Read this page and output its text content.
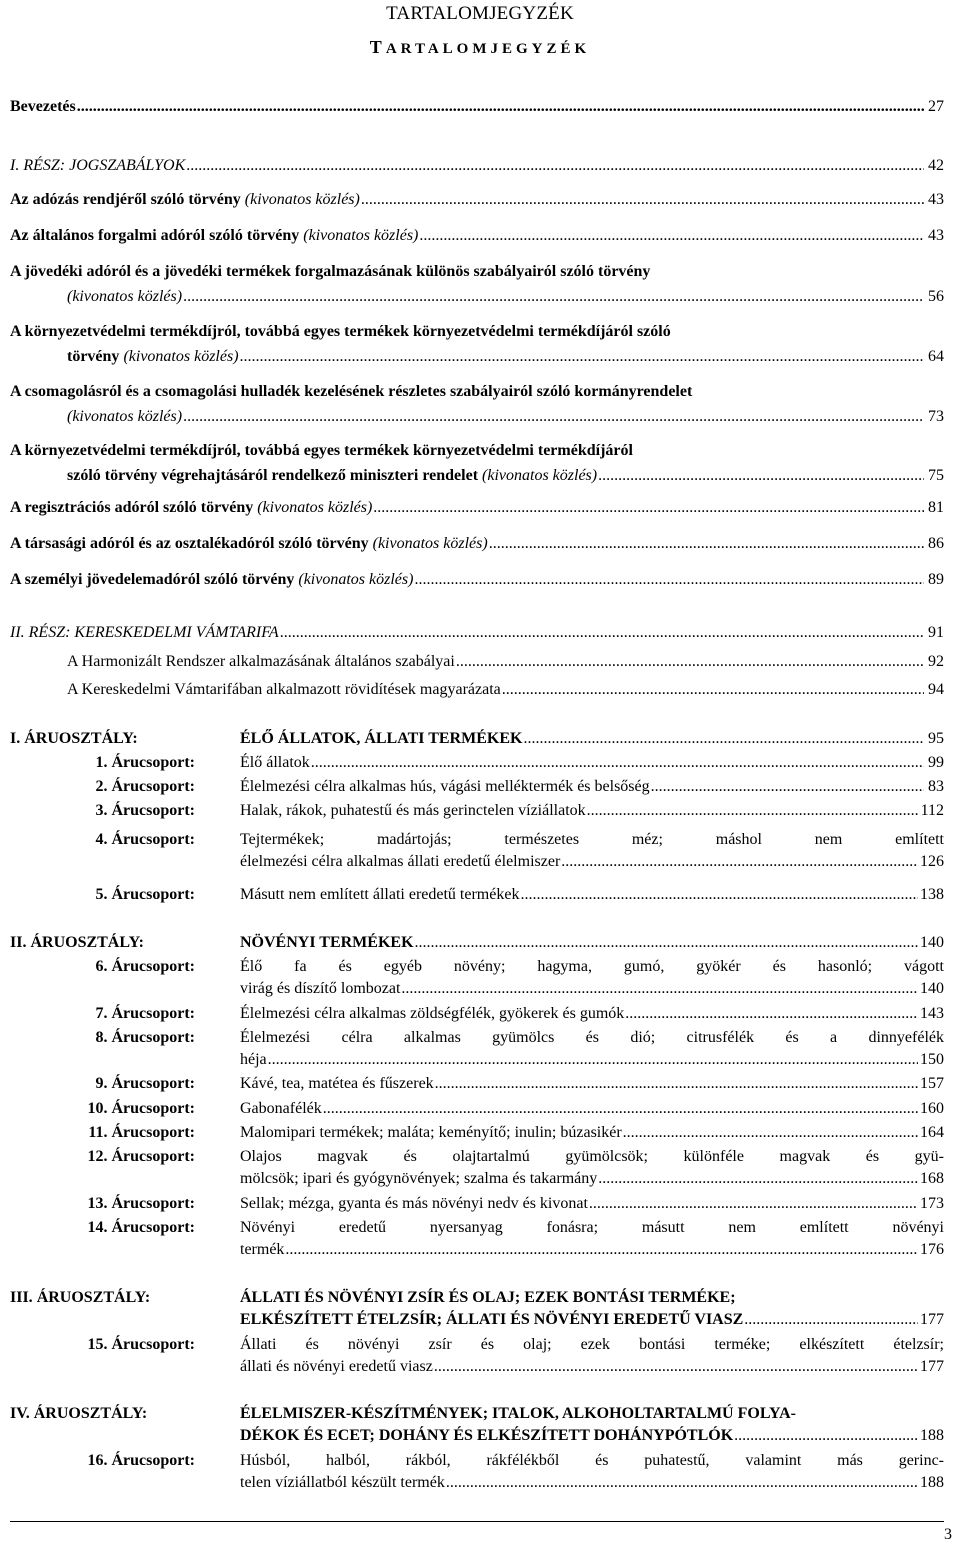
TARTALOMJEGYZÉK
TARTALOMJEGYZÉK
Bevezetés .....	27
I. RÉSZ: JOGSZABÁLYOK .....	42
Az adózás rendjéről szóló törvény (kivonatos közlés) .....	43
Az általános forgalmi adóról szóló törvény (kivonatos közlés) .....	43
A jövedéki adóról és a jövedéki termékek forgalmazásának különös szabályairól szóló törvény
(kivonatos közlés) .....	56
A környezetvédelmi termékdíjról, továbbá egyes termékek környezetvédelmi termékdíjáról szóló
törvény (kivonatos közlés) .....	64
A csomagolásról és a csomagolási hulladék kezelésének részletes szabályairól szóló kormányrendelet
(kivonatos közlés) .....	73
A környezetvédelmi termékdíjról, továbbá egyes termékek környezetvédelmi termékdíjáról
szóló törvény végrehajtásáról rendelkező miniszteri rendelet (kivonatos közlés) .....	75
A regisztrációs adóról szóló törvény (kivonatos közlés) .....	81
A társasági adóról és az osztalékadóról szóló törvény (kivonatos közlés) .....	86
A személyi jövedelemadóról szóló törvény (kivonatos közlés) .....	89
II. RÉSZ: KERESKEDELMI VÁMTARIFA .....	91
A Harmonizált Rendszer alkalmazásának általános szabályai .....	92
A Kereskedelmi Vámtarifában alkalmazott rövidítések magyarázata .....	94
I. ÁRUOSZTÁLY:	ÉLŐ ÁLLATOK, ÁLLATI TERMÉKEK .....	95
1. Árucsoport:	Élő állatok .....	99
2. Árucsoport:	Élelmezési célra alkalmas hús, vágási melléktermék és belsőség .....	83
3. Árucsoport:	Halak, rákok, puhatestű és más gerinctelen víziállatok .....	112
4. Árucsoport:	Tejtermékek; madártojás; természetes méz; máshol nem említett
élelmezési célra alkalmas állati eredetű élelmiszer .....	126
5. Árucsoport:	Másutt nem említett állati eredetű termékek .....	138
II. ÁRUOSZTÁLY:	NÖVÉNYI TERMÉKEK .....	140
6. Árucsoport:	Élő fa és egyéb növény; hagyma, gumó, gyökér és hasonló; vágott
virág és díszítő lombozat .....	140
7. Árucsoport:	Élelmezési célra alkalmas zöldségfélék, gyökerek és gumók .....	143
8. Árucsoport:	Élelmezési célra alkalmas gyümölcs és dió; citrusfélék és a dinnyefélék
héja .....	150
9. Árucsoport:	Kávé, tea, matétea és fűszerek .....	157
10. Árucsoport:	Gabonafélék .....	160
11. Árucsoport:	Malomipari termékek; maláta; keményítő; inulin; búzasikér .....	164
12. Árucsoport:	Olajos magvak és olajtartalmú gyümölcsök; különféle magvak és gyü-
mölcsök; ipari és gyógynövények; szalma és takarmány .....	168
13. Árucsoport:	Sellak; mézga, gyanta és más növényi nedv és kivonat .....	173
14. Árucsoport:	Növényi eredetű nyersanyag fonásra; másutt nem említett növényi
termék .....	176
III. ÁRUOSZTÁLY:	ÁLLATI ÉS NÖVÉNYI ZSÍR ÉS OLAJ; EZEK BONTÁSI TERMÉKE;
ELKÉSZÍTETT ÉTELZSÍR; ÁLLATI ÉS NÖVÉNYI EREDETŰ VIASZ .....	177
15. Árucsoport:	Állati és növényi zsír és olaj; ezek bontási terméke; elkészített ételzsír;
állati és növényi eredetű viasz .....	177
IV. ÁRUOSZTÁLY:	ÉLELMISZER-KÉSZÍTMÉNYEK; ITALOK, ALKOHOLTARTALMÚ FOLYA-
DÉKOK ÉS ECET; DOHÁNY ÉS ELKÉSZÍTETT DOHÁNYPÓTLÓK .....	188
16. Árucsoport:	Húsból, halból, rákból, rákfélékből és puhatestű, valamint más gerinc-
telen víziállatból készült termék .....	188
3
